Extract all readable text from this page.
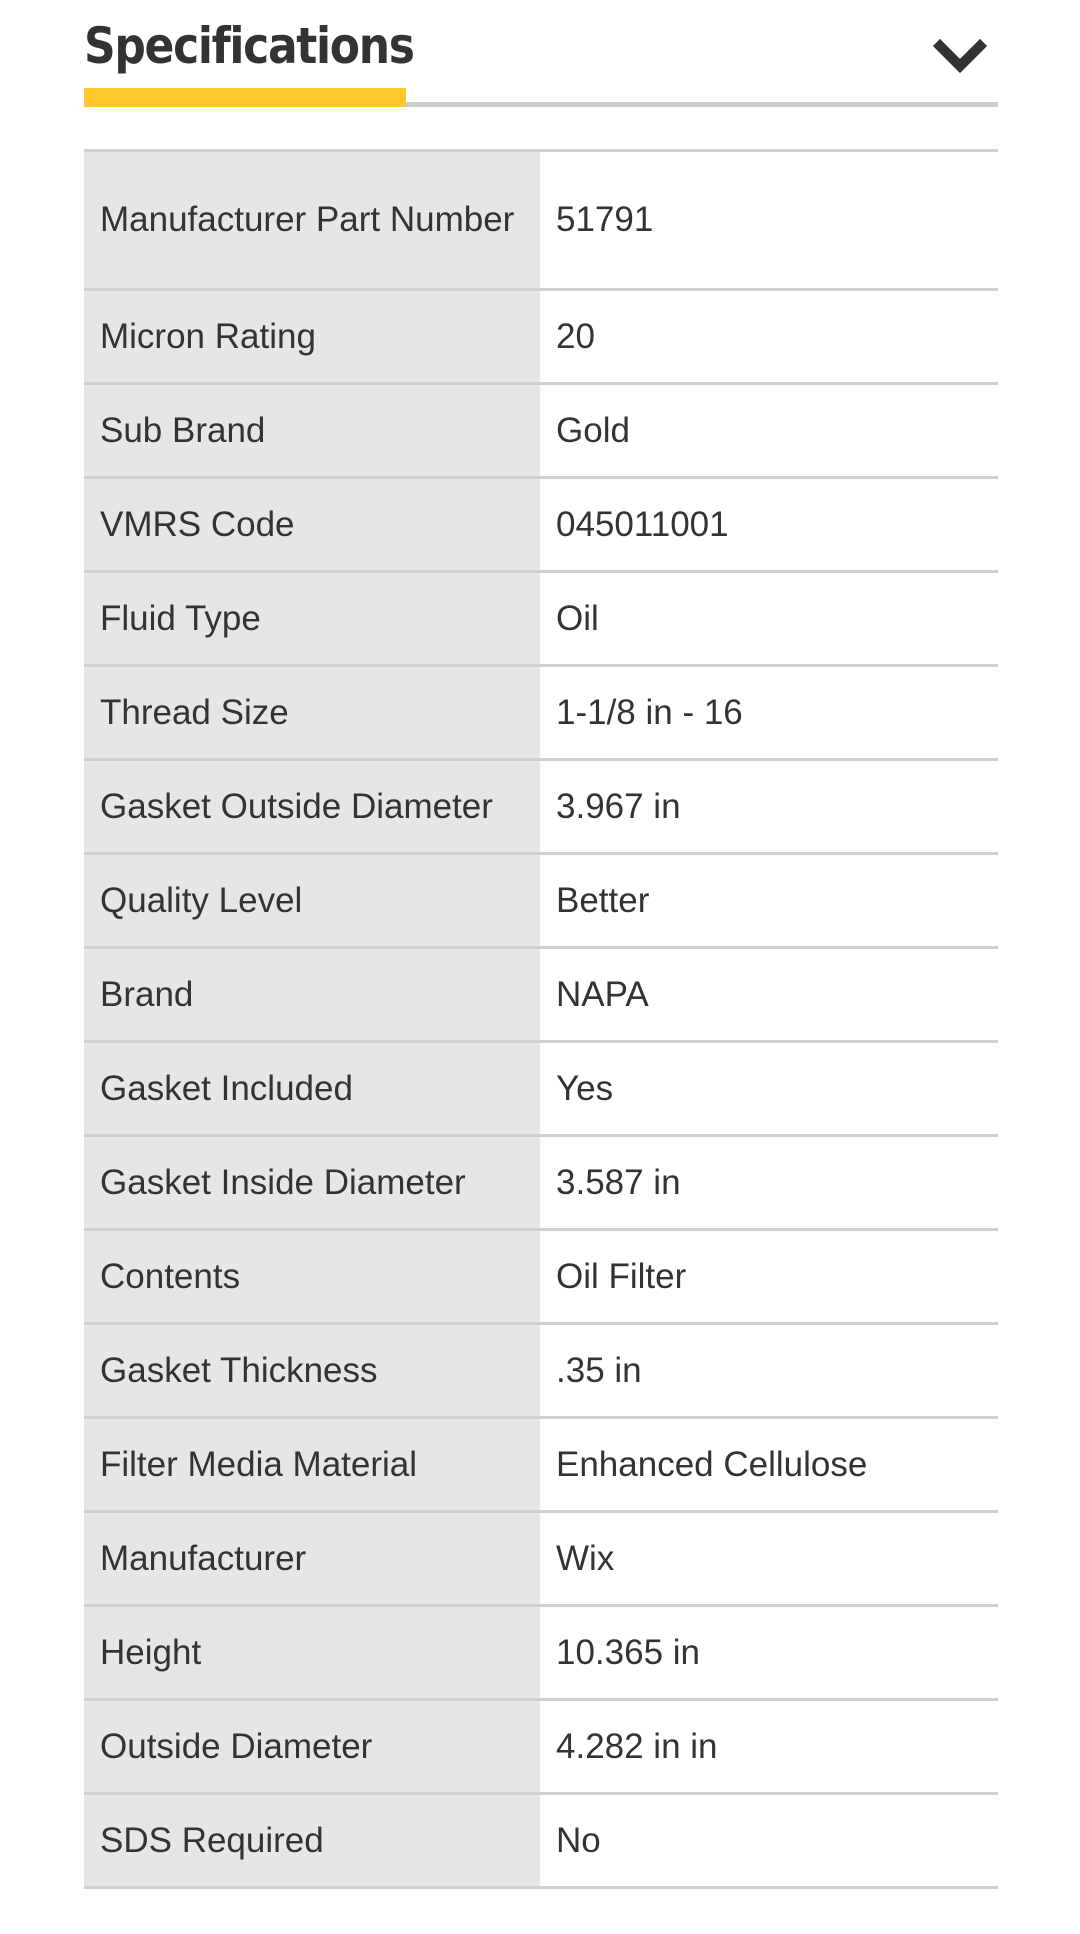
Specifications
Manufacturer Part Number	51791
Micron Rating	20
Sub Brand	Gold
VMRS Code	045011001
Fluid Type	Oil
Thread Size	1-1/8 in - 16
Gasket Outside Diameter	3.967 in
Quality Level	Better
Brand	NAPA
Gasket Included	Yes
Gasket Inside Diameter	3.587 in
Contents	Oil Filter
Gasket Thickness	.35 in
Filter Media Material	Enhanced Cellulose
Manufacturer	Wix
Height	10.365 in
Outside Diameter	4.282 in in
SDS Required	No
